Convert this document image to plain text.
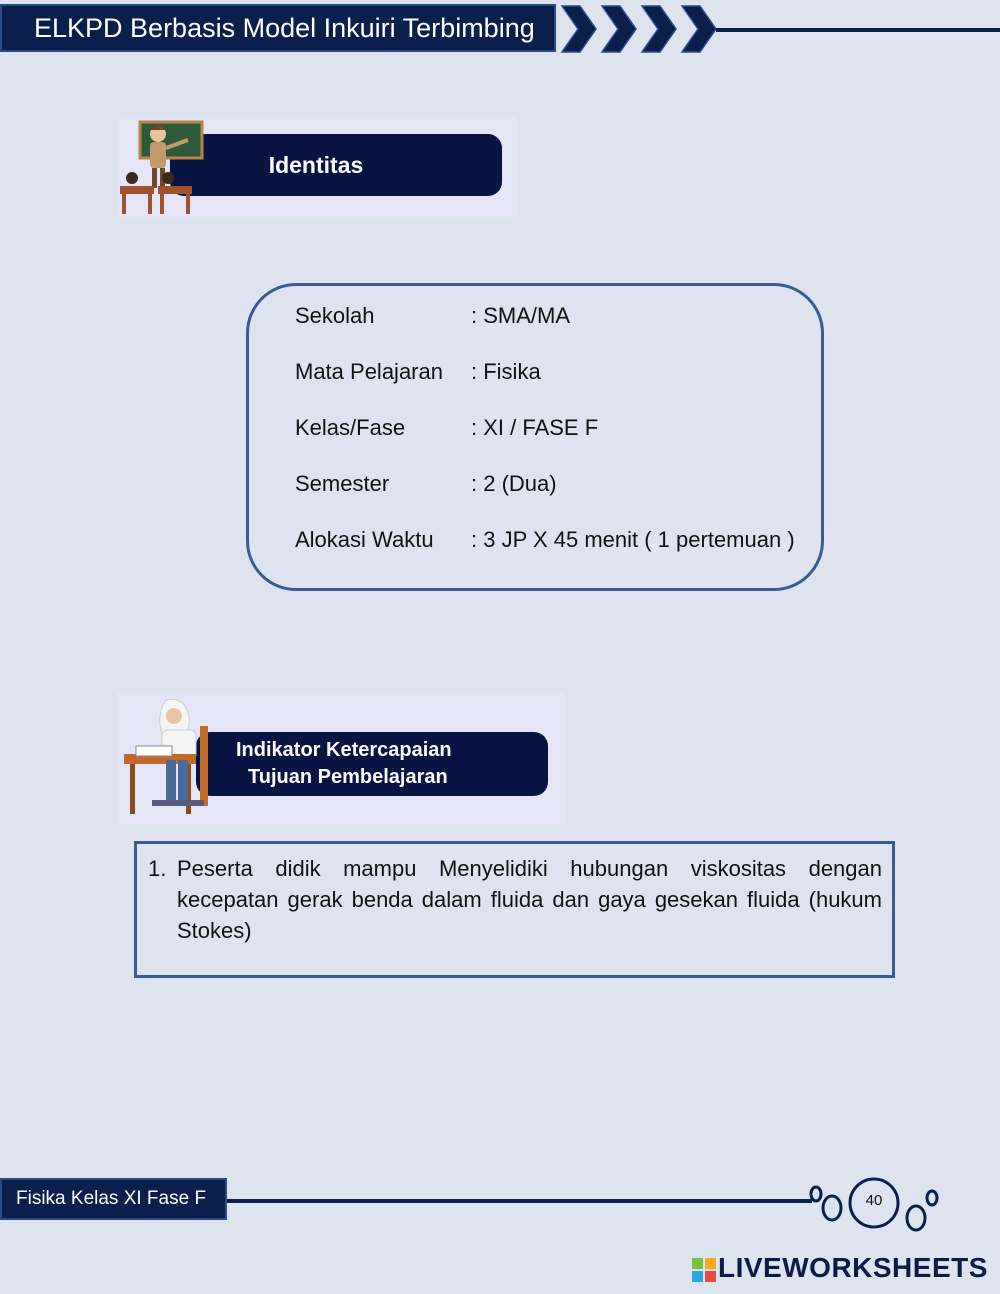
ELKPD Berbasis Model Inkuiri Terbimbing
Identitas
Sekolah	: SMA/MA
Mata Pelajaran : Fisika
Kelas/Fase	: XI / FASE F
Semester	: 2 (Dua)
Alokasi Waktu : 3 JP X 45 menit ( 1 pertemuan )
Indikator Ketercapaian
Tujuan Pembelajaran
1. Peserta didik mampu Menyelidiki hubungan viskositas dengan kecepatan gerak benda dalam fluida dan gaya gesekan fluida (hukum Stokes)
Fisika Kelas XI Fase F	40
LIVEWORKSHEETS
